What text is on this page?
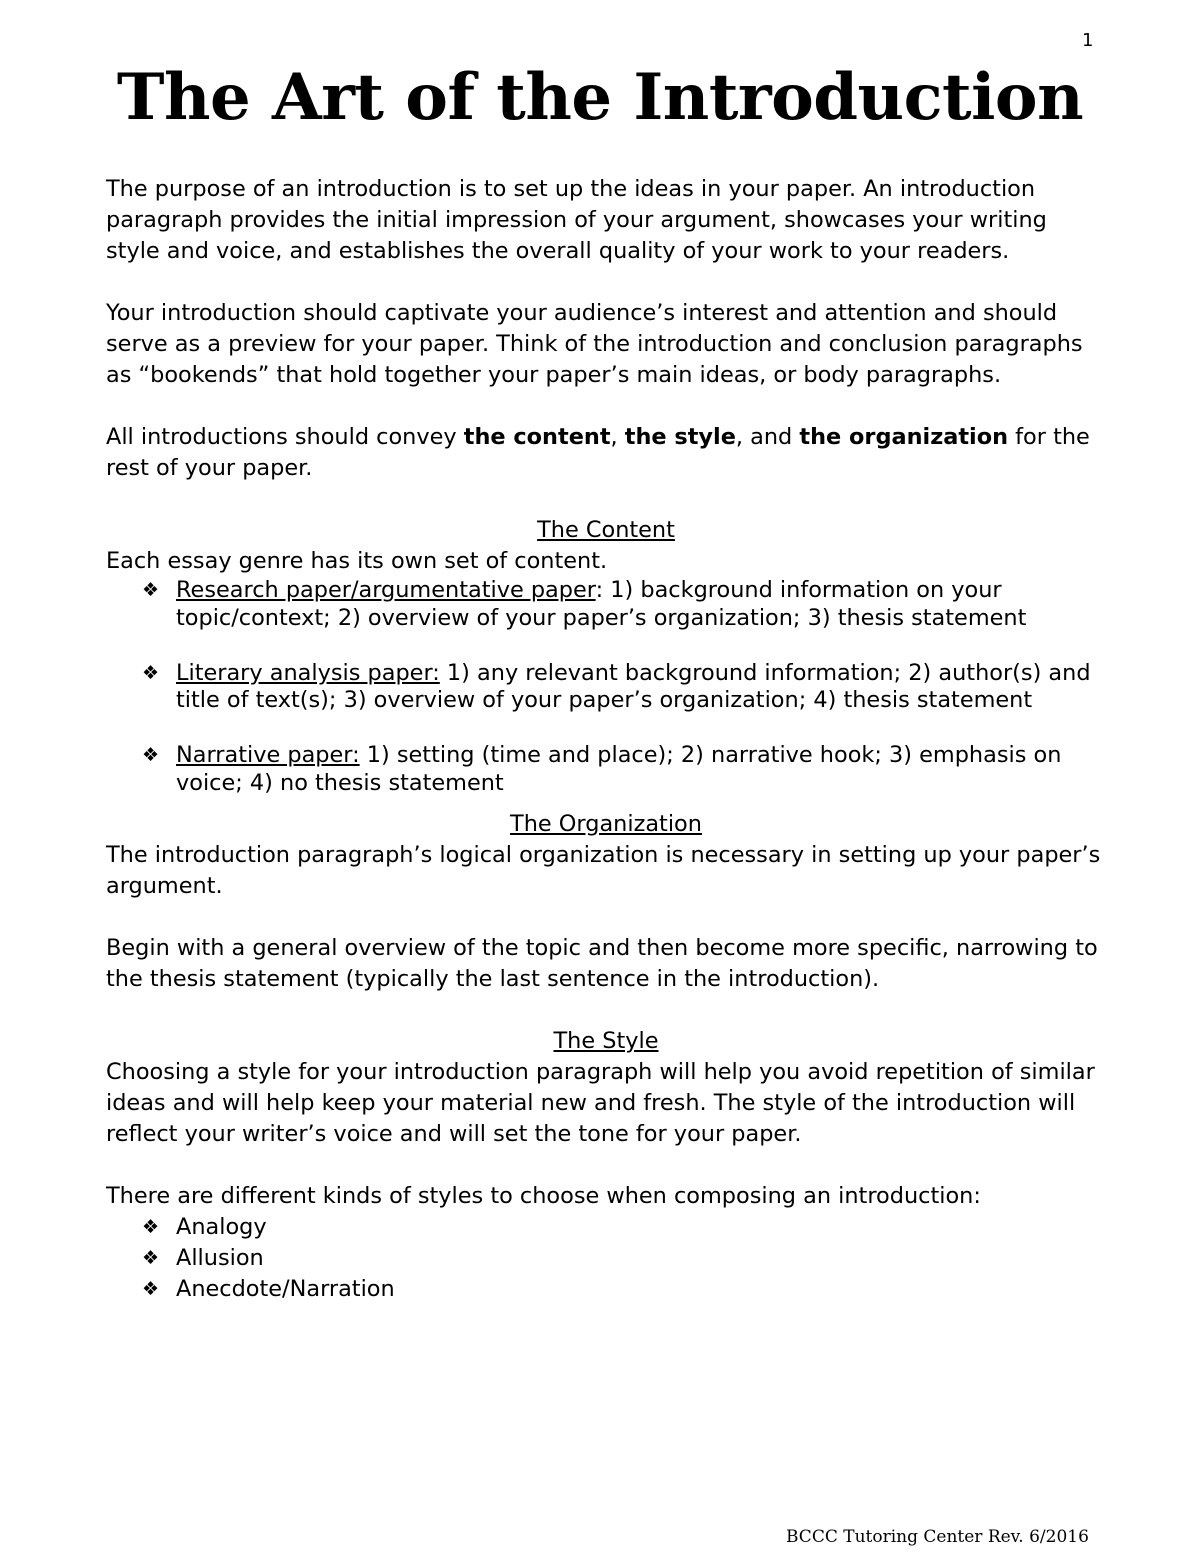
1
The Art of the Introduction

The purpose of an introduction is to set up the ideas in your paper. An introduction paragraph provides the initial impression of your argument, showcases your writing style and voice, and establishes the overall quality of your work to your readers.

Your introduction should captivate your audience’s interest and attention and should serve as a preview for your paper. Think of the introduction and conclusion paragraphs as “bookends” that hold together your paper’s main ideas, or body paragraphs.

All introductions should convey the content, the style, and the organization for the rest of your paper.

The Content

Each essay genre has its own set of content.

❖ Research paper/argumentative paper: 1) background information on your topic/context; 2) overview of your paper’s organization; 3) thesis statement
❖ Literary analysis paper: 1) any relevant background information; 2) author(s) and title of text(s); 3) overview of your paper’s organization; 4) thesis statement
❖ Narrative paper: 1) setting (time and place); 2) narrative hook; 3) emphasis on voice; 4) no thesis statement

The Organization

The introduction paragraph’s logical organization is necessary in setting up your paper’s argument.

Begin with a general overview of the topic and then become more specific, narrowing to the thesis statement (typically the last sentence in the introduction).

The Style

Choosing a style for your introduction paragraph will help you avoid repetition of similar ideas and will help keep your material new and fresh. The style of the introduction will reflect your writer’s voice and will set the tone for your paper.

There are different kinds of styles to choose when composing an introduction:

❖ Analogy
❖ Allusion
❖ Anecdote/Narration
BCCC Tutoring Center Rev. 6/2016
